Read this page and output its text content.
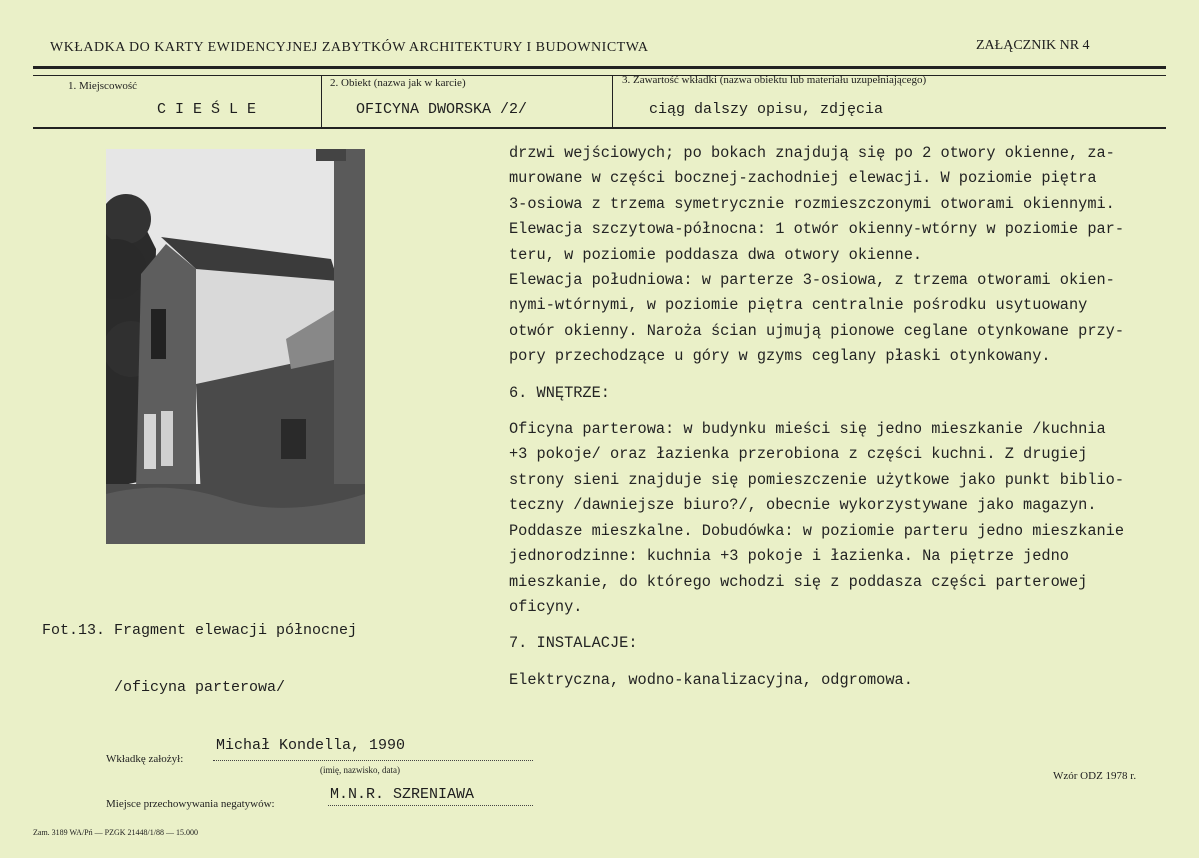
WKŁADKA DO KARTY EWIDENCYJNEJ ZABYTKÓW ARCHITEKTURY I BUDOWNICTWA	ZAŁĄCZNIK NR 4
1. Miejscowość
C I E Ś L E
2. Obiekt (nazwa jak w karcie)
OFICYNA DWORSKA /2/
3. Zawartość wkładki (nazwa obiektu lub materiału uzupełniającego)
ciąg dalszy opisu, zdjęcia
drzwi wejściowych; po bokach znajdują się po 2 otwory okienne, za-
murowane w części bocznej-zachodniej elewacji. W poziomie piętra
3-osiowa z trzema symetrycznie rozmieszczonymi otworami okiennymi.
Elewacja szczytowa-północna: 1 otwór okienny-wtórny w poziomie par-
teru, w poziomie poddasza dwa otwory okienne.
Elewacja południowa: w parterze 3-osiowa, z trzema otworami okien-
nymi-wtórnymi, w poziomie piętra centralnie pośrodku usytuowany
otwór okienny. Naroża ścian ujmują pionowe ceglane otynkowane przy-
pory przechodzące u góry w gzyms ceglany płaski otynkowany.

6. WNĘTRZE:

Oficyna parterowa: w budynku mieści się jedno mieszkanie /kuchnia
+3 pokoje/ oraz łazienka przerobiona z części kuchni. Z drugiej
strony sieni znajduje się pomieszczenie użytkowe jako punkt biblio-
teczny /dawniejsze biuro?/, obecnie wykorzystywane jako magazyn.
Poddasze mieszkalne. Dobudówka: w poziomie parteru jedno mieszkanie
jednorodzinne: kuchnia +3 pokoje i łazienka. Na piętrze jedno
mieszkanie, do którego wchodzi się z poddasza części parterowej
oficyny.

7. INSTALACJE:

Elektryczna, wodno-kanalizacyjna, odgromowa.

Fot.13. Fragment elewacji północnej

/oficyna parterowa/

Wkładkę założył:
Michał Kondella, 1990
(imię, nazwisko, data)	Wzór ODZ 1978 r.
Miejsce przechowywania negatywów:
M.N.R. SZRENIAWA
Zam. 3189 WA/Pń — PZGK 21448/1/88 — 15.000
